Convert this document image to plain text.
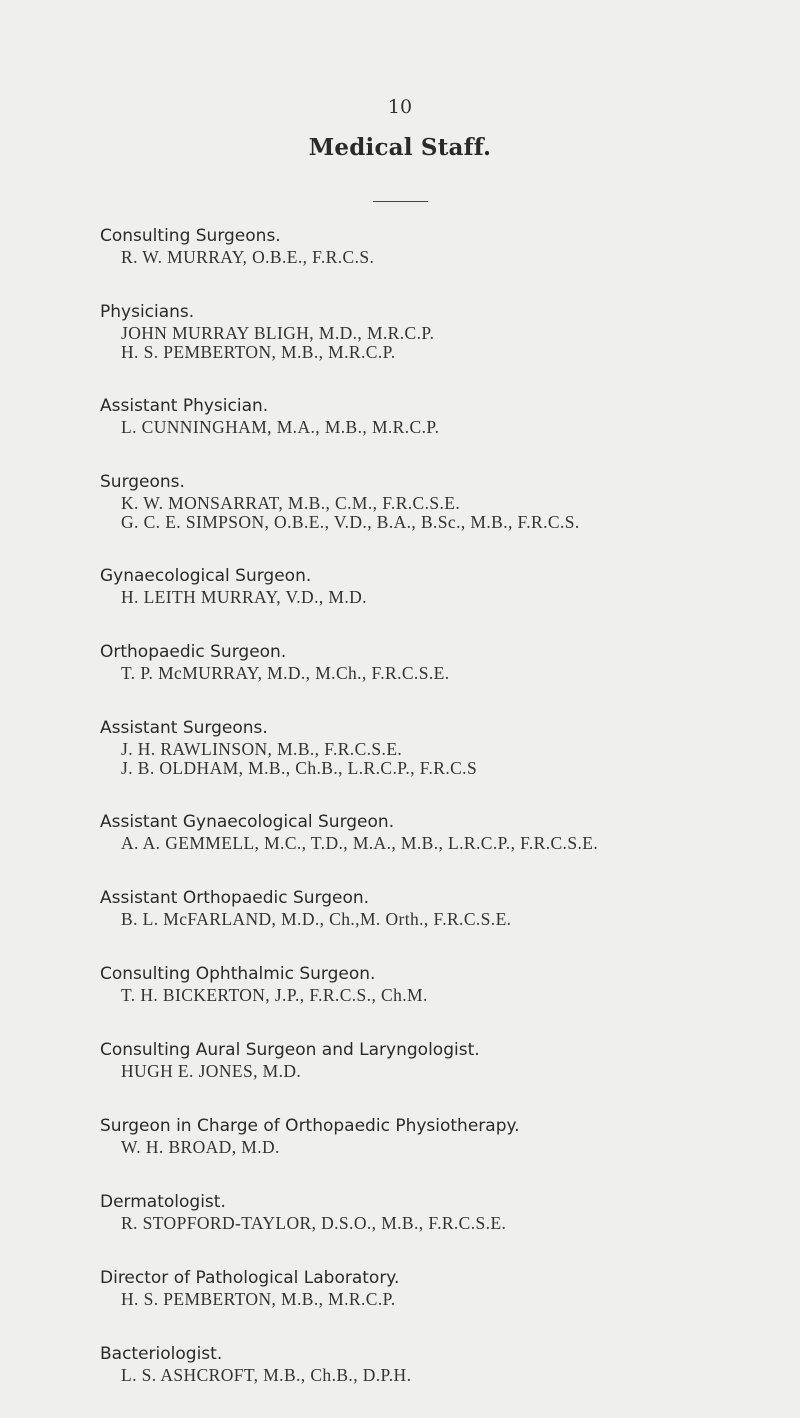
10
Medical Staff.
Consulting Surgeons.
R. W. MURRAY, O.B.E., F.R.C.S.
Physicians.
JOHN MURRAY BLIGH, M.D., M.R.C.P.
H. S. PEMBERTON, M.B., M.R.C.P.
Assistant Physician.
L. CUNNINGHAM, M.A., M.B., M.R.C.P.
Surgeons.
K. W. MONSARRAT, M.B., C.M., F.R.C.S.E.
G. C. E. SIMPSON, O.B.E., V.D., B.A., B.Sc., M.B., F.R.C.S.
Gynaecological Surgeon.
H. LEITH MURRAY, V.D., M.D.
Orthopaedic Surgeon.
T. P. McMURRAY, M.D., M.Ch., F.R.C.S.E.
Assistant Surgeons.
J. H. RAWLINSON, M.B., F.R.C.S.E.
J. B. OLDHAM, M.B., Ch.B., L.R.C.P., F.R.C.S
Assistant Gynaecological Surgeon.
A. A. GEMMELL, M.C., T.D., M.A., M.B., L.R.C.P., F.R.C.S.E.
Assistant Orthopaedic Surgeon.
B. L. McFARLAND, M.D., Ch.,M. Orth., F.R.C.S.E.
Consulting Ophthalmic Surgeon.
T. H. BICKERTON, J.P., F.R.C.S., Ch.M.
Consulting Aural Surgeon and Laryngologist.
HUGH E. JONES, M.D.
Surgeon in Charge of Orthopaedic Physiotherapy.
W. H. BROAD, M.D.
Dermatologist.
R. STOPFORD-TAYLOR, D.S.O., M.B., F.R.C.S.E.
Director of Pathological Laboratory.
H. S. PEMBERTON, M.B., M.R.C.P.
Bacteriologist.
L. S. ASHCROFT, M.B., Ch.B., D.P.H.
